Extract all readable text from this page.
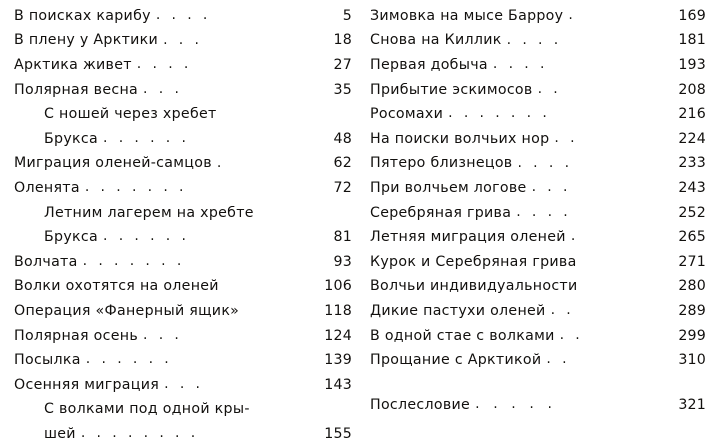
В поисках карибу . . . .	5
В плену у Арктики . . .	18
Арктика живет . . . .	27
Полярная весна . . .	35
С ношей через хребет
Брукса . . . . . .	48
Миграция оленей-самцов .	62
Оленята . . . . . . .	72
Летним лагерем на хребте
Брукса . . . . . .	81
Волчата . . . . . . .	93
Волки охотятся на оленей	106
Операция «Фанерный ящик»	118
Полярная осень . . .	124
Посылка . . . . . .	139
Осенняя миграция . . .	143
С волками под одной кры-
шей . . . . . . . .	155
Зимовка на мысе Барроу .	169
Снова на Киллик . . . .	181
Первая добыча . . . .	193
Прибытие эскимосов . .	208
Росомахи . . . . . . .	216
На поиски волчьих нор . .	224
Пятеро близнецов . . . .	233
При волчьем логове . . .	243
Серебряная грива . . . .	252
Летняя миграция оленей .	265
Курок и Серебряная грива	271
Волчьи индивидуальности	280
Дикие пастухи оленей . .	289
В одной стае с волками . .	299
Прощание с Арктикой . .	310
Послесловие . . . . .	321
